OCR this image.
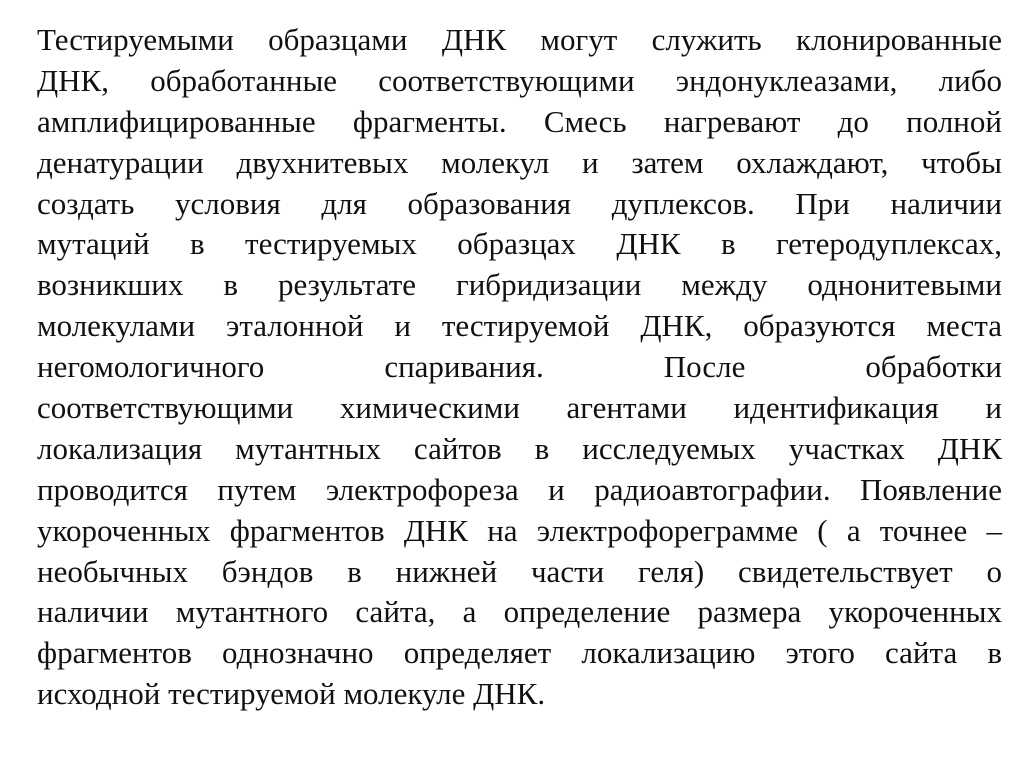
Тестируемыми образцами ДНК могут служить клонированные
ДНК, обработанные соответствующими эндонуклеазами, либо
амплифицированные фрагменты. Смесь нагревают до полной
денатурации двухнитевых молекул и затем охлаждают, чтобы
создать условия для образования дуплексов. При наличии
мутаций в тестируемых образцах ДНК в гетеродуплексах,
возникших в результате гибридизации между однонитевыми
молекулами эталонной и тестируемой ДНК, образуются места
негомологичного спаривания. После обработки
соответствующими химическими агентами идентификация и
локализация мутантных сайтов в исследуемых участках ДНК
проводится путем электрофореза и радиоавтографии. Появление
укороченных фрагментов ДНК на электрофореграмме ( а точнее –
необычных бэндов в нижней части геля) свидетельствует о
наличии мутантного сайта, а определение размера укороченных
фрагментов однозначно определяет локализацию этого сайта в
исходной тестируемой молекуле ДНК.
